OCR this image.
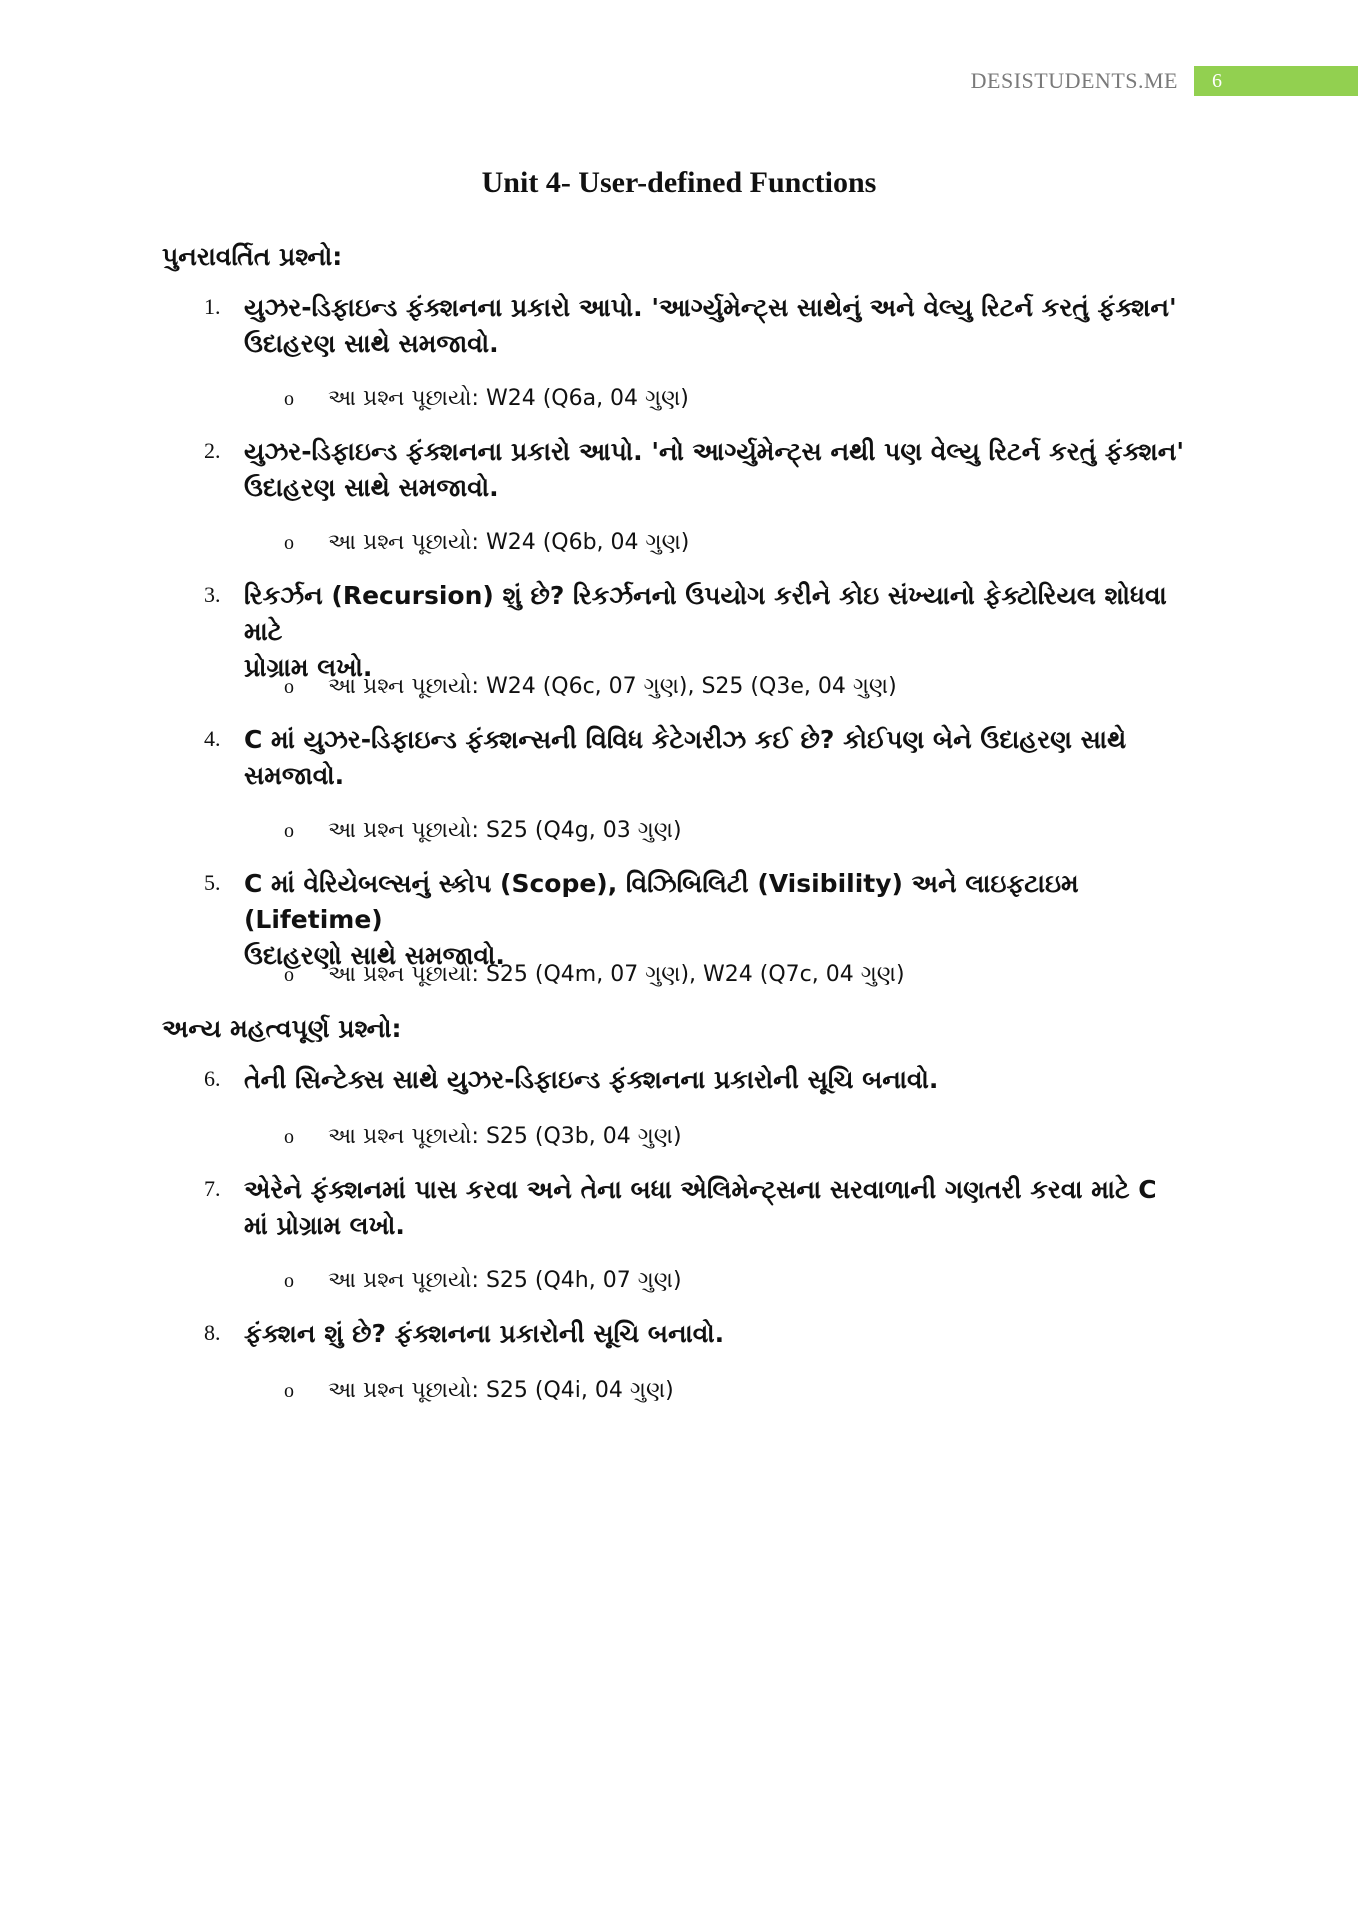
DESISTUDENTS.ME	6
Unit 4- User-defined Functions
પુનરાવર્તિત પ્રશ્નો:
1. યુઝર-ડિફાઇન્ડ ફંક્શનના પ્રકારો આપો. 'આર્ગ્યુમેન્ટ્સ સાથેનું અને વેલ્યુ રિટર્ન કરતું ફંક્શન'
ઉદાહરણ સાથે સમજાવો.
o આ પ્રશ્ન પૂછાયો: W24 (Q6a, 04 ગુણ)
2. યુઝર-ડિફાઇન્ડ ફંક્શનના પ્રકારો આપો. 'નો આર્ગ્યુમેન્ટ્સ નથી પણ વેલ્યુ રિટર્ન કરતું ફંક્શન'
ઉદાહરણ સાથે સમજાવો.
o આ પ્રશ્ન પૂછાયો: W24 (Q6b, 04 ગુણ)
3. રિકર્ઝન (Recursion) શું છે? રિકર્ઝનનો ઉપયોગ કરીને કોઇ સંખ્યાનો ફેક્ટોરિયલ શોધવા માટે
પ્રોગ્રામ લખો.
o આ પ્રશ્ન પૂછાયો: W24 (Q6c, 07 ગુણ), S25 (Q3e, 04 ગુણ)
4. C માં યુઝર-ડિફાઇન્ડ ફંક્શન્સની વિવિધ કેટેગરીઝ કઈ છે? કોઈપણ બેને ઉદાહરણ સાથે
સમજાવો.
o આ પ્રશ્ન પૂછાયો: S25 (Q4g, 03 ગુણ)
5. C માં વેરિયેબલ્સનું સ્કોપ (Scope), વિઝિબિલિટી (Visibility) અને લાઇફટાઇમ (Lifetime)
ઉદાહરણો સાથે સમજાવો.
o આ પ્રશ્ન પૂછાયો: S25 (Q4m, 07 ગુણ), W24 (Q7c, 04 ગુણ)
અન્ય મહત્વપૂર્ણ પ્રશ્નો:
6. તેની સિન્ટેક્સ સાથે યુઝર-ડિફાઇન્ડ ફંક્શનના પ્રકારોની સૂચિ બનાવો.
o આ પ્રશ્ન પૂછાયો: S25 (Q3b, 04 ગુણ)
7. એરેને ફંક્શનમાં પાસ કરવા અને તેના બધા એલિમેન્ટ્સના સરવાળાની ગણતરી કરવા માટે C
માં પ્રોગ્રામ લખો.
o આ પ્રશ્ન પૂછાયો: S25 (Q4h, 07 ગુણ)
8. ફંક્શન શું છે? ફંક્શનના પ્રકારોની સૂચિ બનાવો.
o આ પ્રશ્ન પૂછાયો: S25 (Q4i, 04 ગુણ)
